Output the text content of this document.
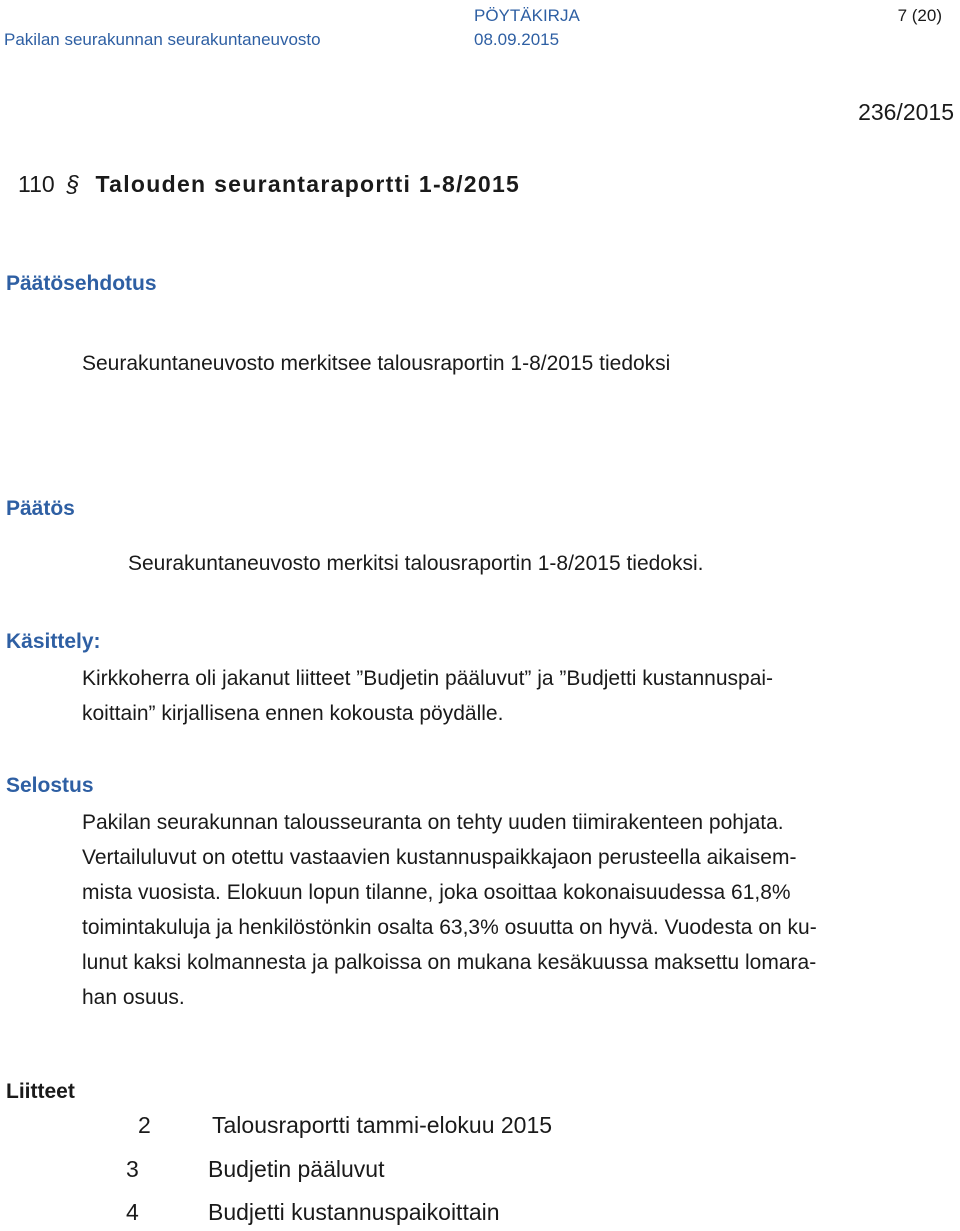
PÖYTÄKIRJA	7 (20)
Pakilan seurakunnan seurakuntaneuvosto	08.09.2015
236/2015
110 § Talouden seurantaraportti 1-8/2015
Päätösehdotus
Seurakuntaneuvosto merkitsee talousraportin 1-8/2015 tiedoksi
Päätös
Seurakuntaneuvosto merkitsi talousraportin 1-8/2015 tiedoksi.
Käsittely:
Kirkkoherra oli jakanut liitteet ”Budjetin pääluvut” ja ”Budjetti kustannuspai-
koittain” kirjallisena ennen kokousta pöydälle.
Selostus
Pakilan seurakunnan talousseuranta on tehty uuden tiimirakenteen pohjata.
Vertailuluvut on otettu vastaavien kustannuspaikkajaon perusteella aikaisem-
mista vuosista. Elokuun lopun tilanne, joka osoittaa kokonaisuudessa 61,8%
toimintakuluja ja henkilöstönkin osalta 63,3% osuutta on hyvä. Vuodesta on ku-
lunut kaksi kolmannesta ja palkoissa on mukana kesäkuussa maksettu lomara-
han osuus.
Liitteet
2	Talousraportti tammi-elokuu 2015
3	Budjetin pääluvut
4	Budjetti kustannuspaikoittain
